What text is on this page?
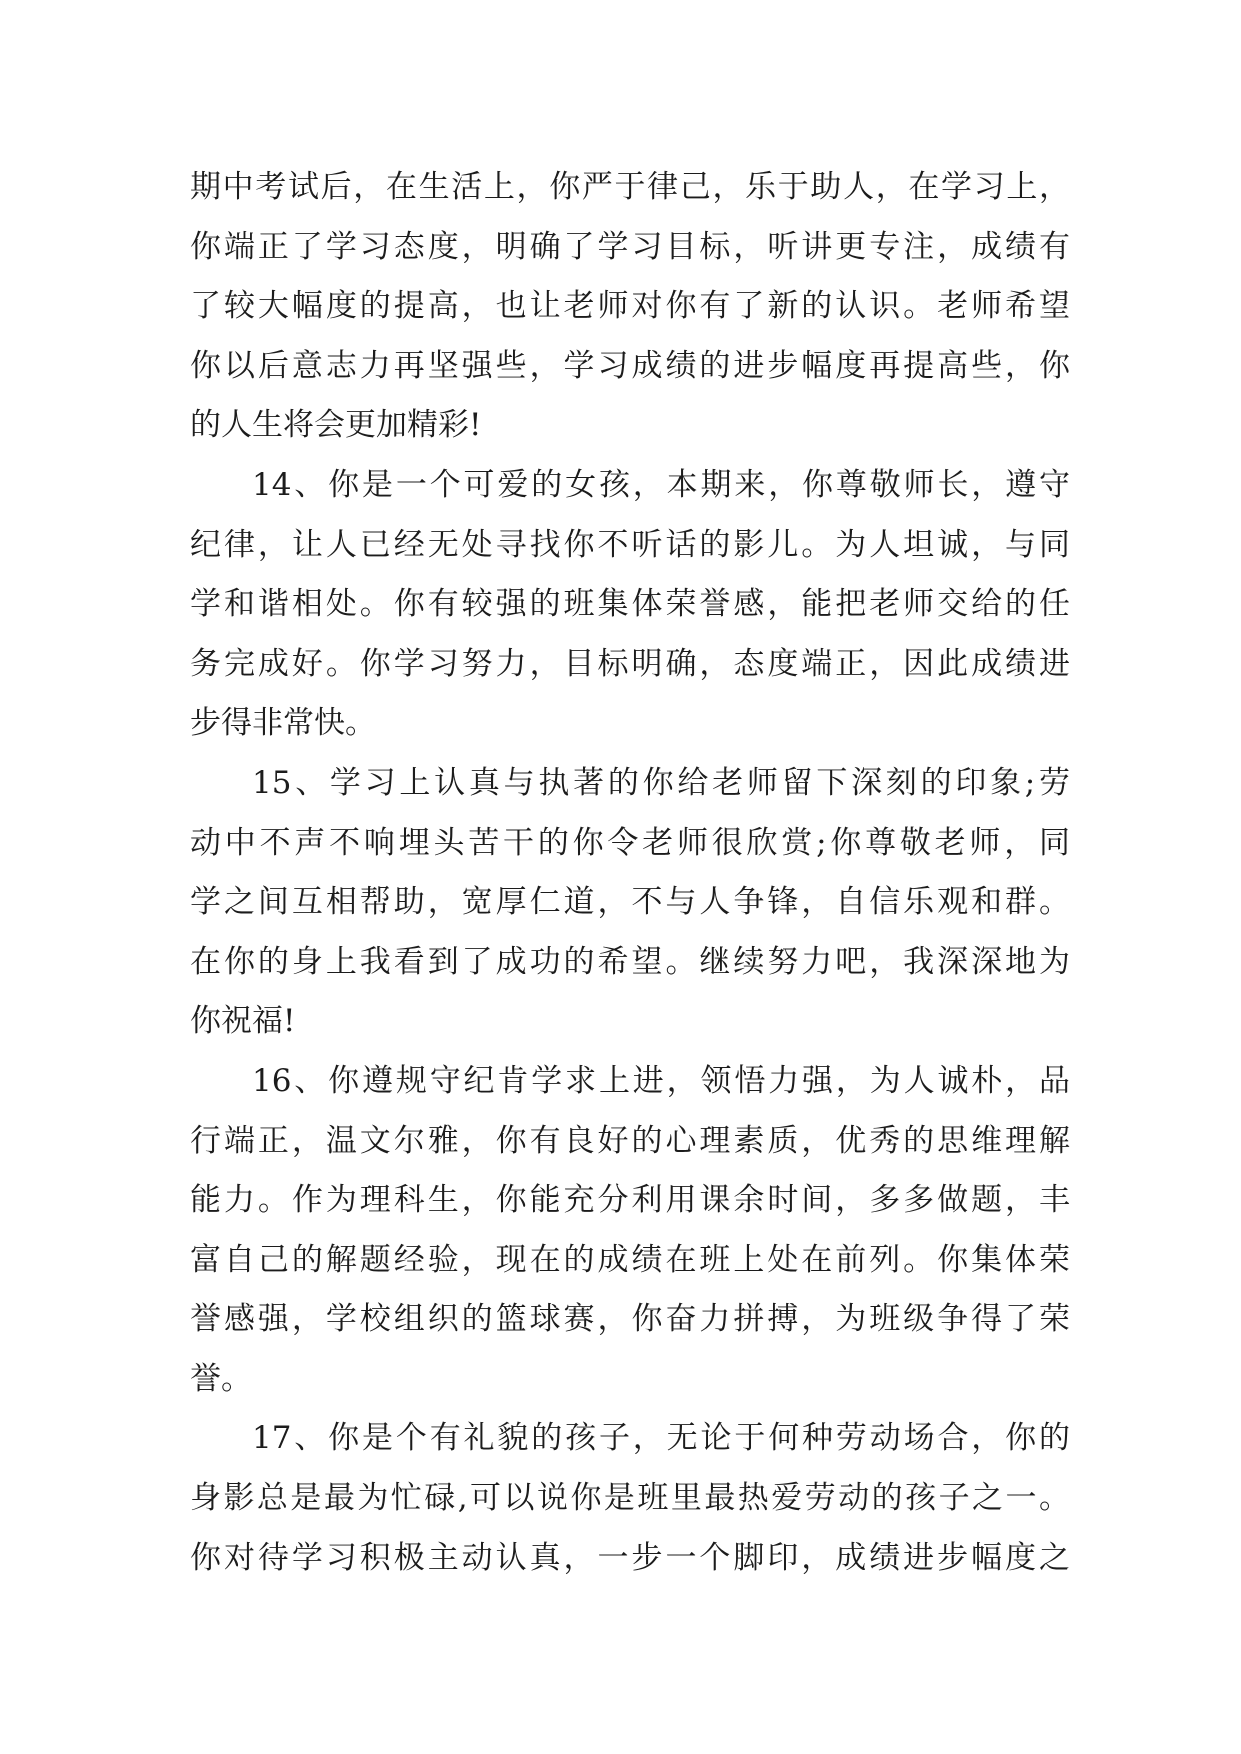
期中考试后，在生活上，你严于律己，乐于助人，在学习上，
你端正了学习态度，明确了学习目标，听讲更专注，成绩有
了较大幅度的提高，也让老师对你有了新的认识。老师希望
你以后意志力再坚强些，学习成绩的进步幅度再提高些，你
的人生将会更加精彩!
14、你是一个可爱的女孩，本期来，你尊敬师长，遵守
纪律，让人已经无处寻找你不听话的影儿。为人坦诚，与同
学和谐相处。你有较强的班集体荣誉感，能把老师交给的任
务完成好。你学习努力，目标明确，态度端正，因此成绩进
步得非常快。
15、学习上认真与执著的你给老师留下深刻的印象;劳
动中不声不响埋头苦干的你令老师很欣赏;你尊敬老师，同
学之间互相帮助，宽厚仁道，不与人争锋，自信乐观和群。
在你的身上我看到了成功的希望。继续努力吧，我深深地为
你祝福!
16、你遵规守纪肯学求上进，领悟力强，为人诚朴，品
行端正，温文尔雅，你有良好的心理素质，优秀的思维理解
能力。作为理科生，你能充分利用课余时间，多多做题，丰
富自己的解题经验，现在的成绩在班上处在前列。你集体荣
誉感强，学校组织的篮球赛，你奋力拼搏，为班级争得了荣
誉。
17、你是个有礼貌的孩子，无论于何种劳动场合，你的
身影总是最为忙碌,可以说你是班里最热爱劳动的孩子之一。
你对待学习积极主动认真，一步一个脚印，成绩进步幅度之
